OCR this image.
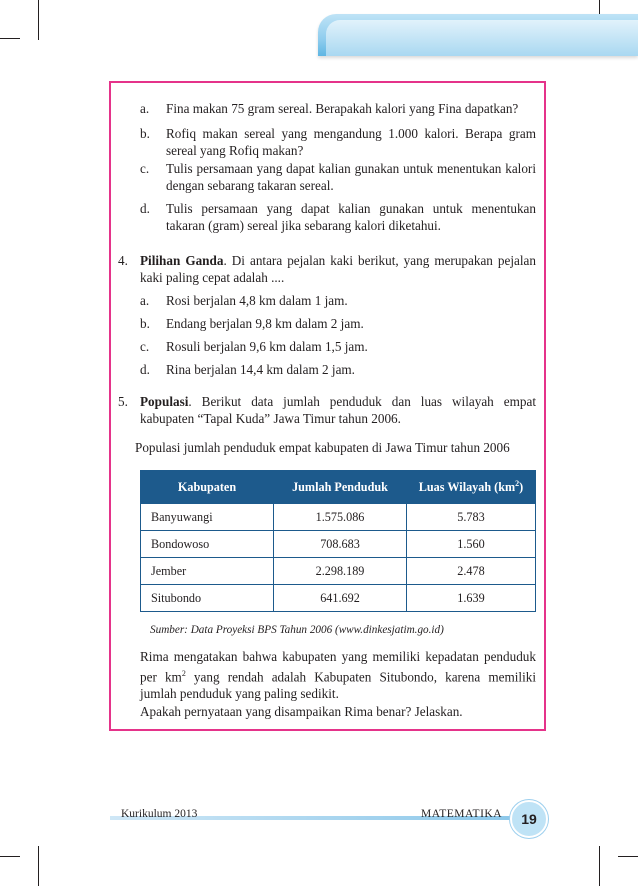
a. Fina makan 75 gram sereal. Berapakah kalori yang Fina dapatkan?
b. Rofiq makan sereal yang mengandung 1.000 kalori. Berapa gram sereal yang Rofiq makan?
c. Tulis persamaan yang dapat kalian gunakan untuk menentukan kalori dengan sebarang takaran sereal.
d. Tulis persamaan yang dapat kalian gunakan untuk menentukan takaran (gram) sereal jika sebarang kalori diketahui.
4. Pilihan Ganda. Di antara pejalan kaki berikut, yang merupakan pejalan kaki paling cepat adalah ....
a. Rosi berjalan 4,8 km dalam 1 jam.
b. Endang berjalan 9,8 km dalam 2 jam.
c. Rosuli berjalan 9,6 km dalam 1,5 jam.
d. Rina berjalan 14,4 km dalam 2 jam.
5. Populasi. Berikut data jumlah penduduk dan luas wilayah empat kabupaten “Tapal Kuda” Jawa Timur tahun 2006.
Populasi jumlah penduduk empat kabupaten di Jawa Timur tahun 2006
Kabupaten	Jumlah Penduduk	Luas Wilayah $(km^2)$
Banyuwangi	1.575.086	5.783
Bondowoso	708.683	1.560
Jember	2.298.189	2.478
Situbondo	641.692	1.639
Sumber: Data Proyeksi BPS Tahun 2006 (www.dinkesjatim.go.id)
Rima mengatakan bahwa kabupaten yang memiliki kepadatan penduduk per $km^2$ yang rendah adalah Kabupaten Situbondo, karena memiliki jumlah penduduk yang paling sedikit.
Apakah pernyataan yang disampaikan Rima benar? Jelaskan.
Kurikulum 2013	MATEMATIKA	19
